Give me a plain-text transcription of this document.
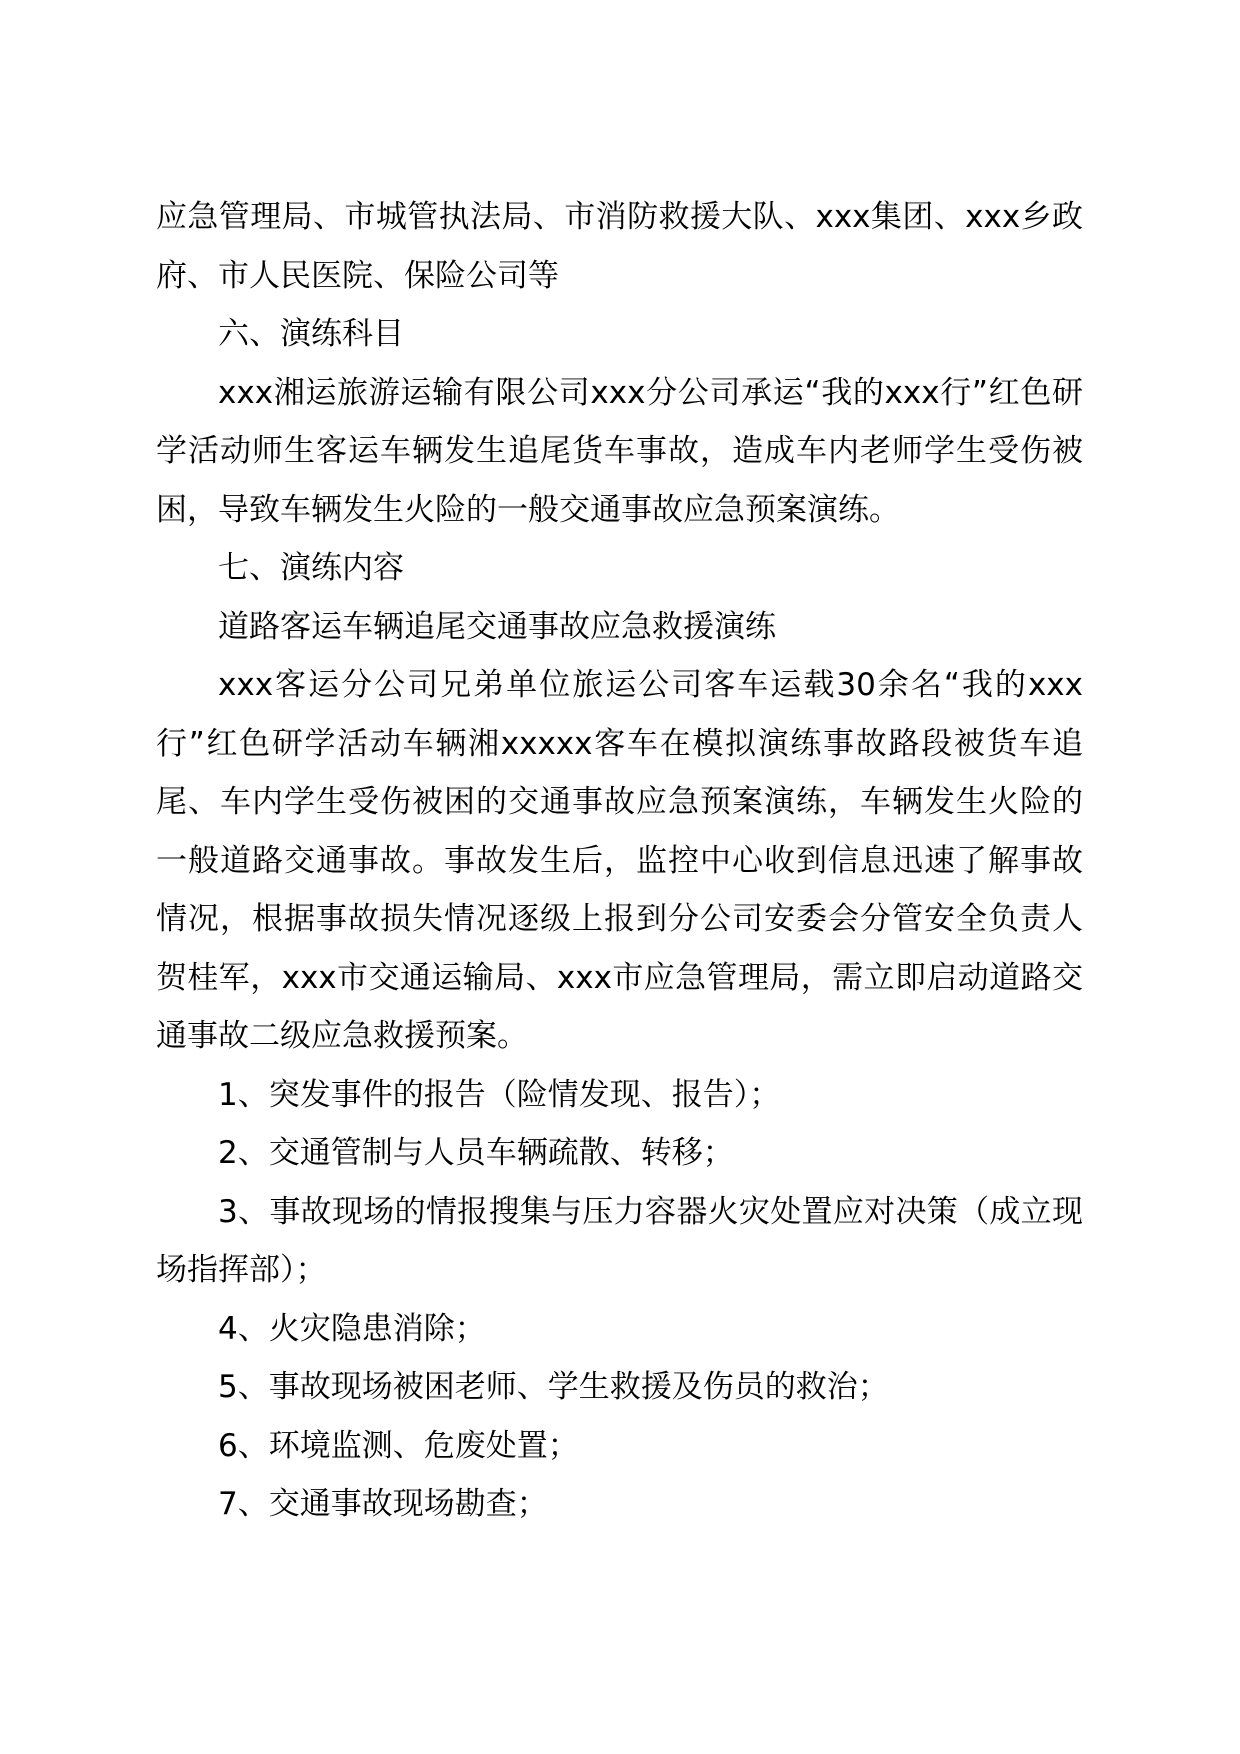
应急管理局、市城管执法局、市消防救援大队、xxx集团、xxx乡政府、市人民医院、保险公司等

六、演练科目

xxx湘运旅游运输有限公司xxx分公司承运“我的xxx行”红色研学活动师生客运车辆发生追尾货车事故，造成车内老师学生受伤被困，导致车辆发生火险的一般交通事故应急预案演练。

七、演练内容

道路客运车辆追尾交通事故应急救援演练

xxx客运分公司兄弟单位旅运公司客车运载30余名“我的xxx行”红色研学活动车辆湘xxxxx客车在模拟演练事故路段被货车追尾、车内学生受伤被困的交通事故应急预案演练，车辆发生火险的一般道路交通事故。事故发生后，监控中心收到信息迅速了解事故情况，根据事故损失情况逐级上报到分公司安委会分管安全负责人贺桂军，xxx市交通运输局、xxx市应急管理局，需立即启动道路交通事故二级应急救援预案。

1、突发事件的报告（险情发现、报告）；

2、交通管制与人员车辆疏散、转移；

3、事故现场的情报搜集与压力容器火灾处置应对决策（成立现场指挥部）；

4、火灾隐患消除；

5、事故现场被困老师、学生救援及伤员的救治；

6、环境监测、危废处置；

7、交通事故现场勘查；
